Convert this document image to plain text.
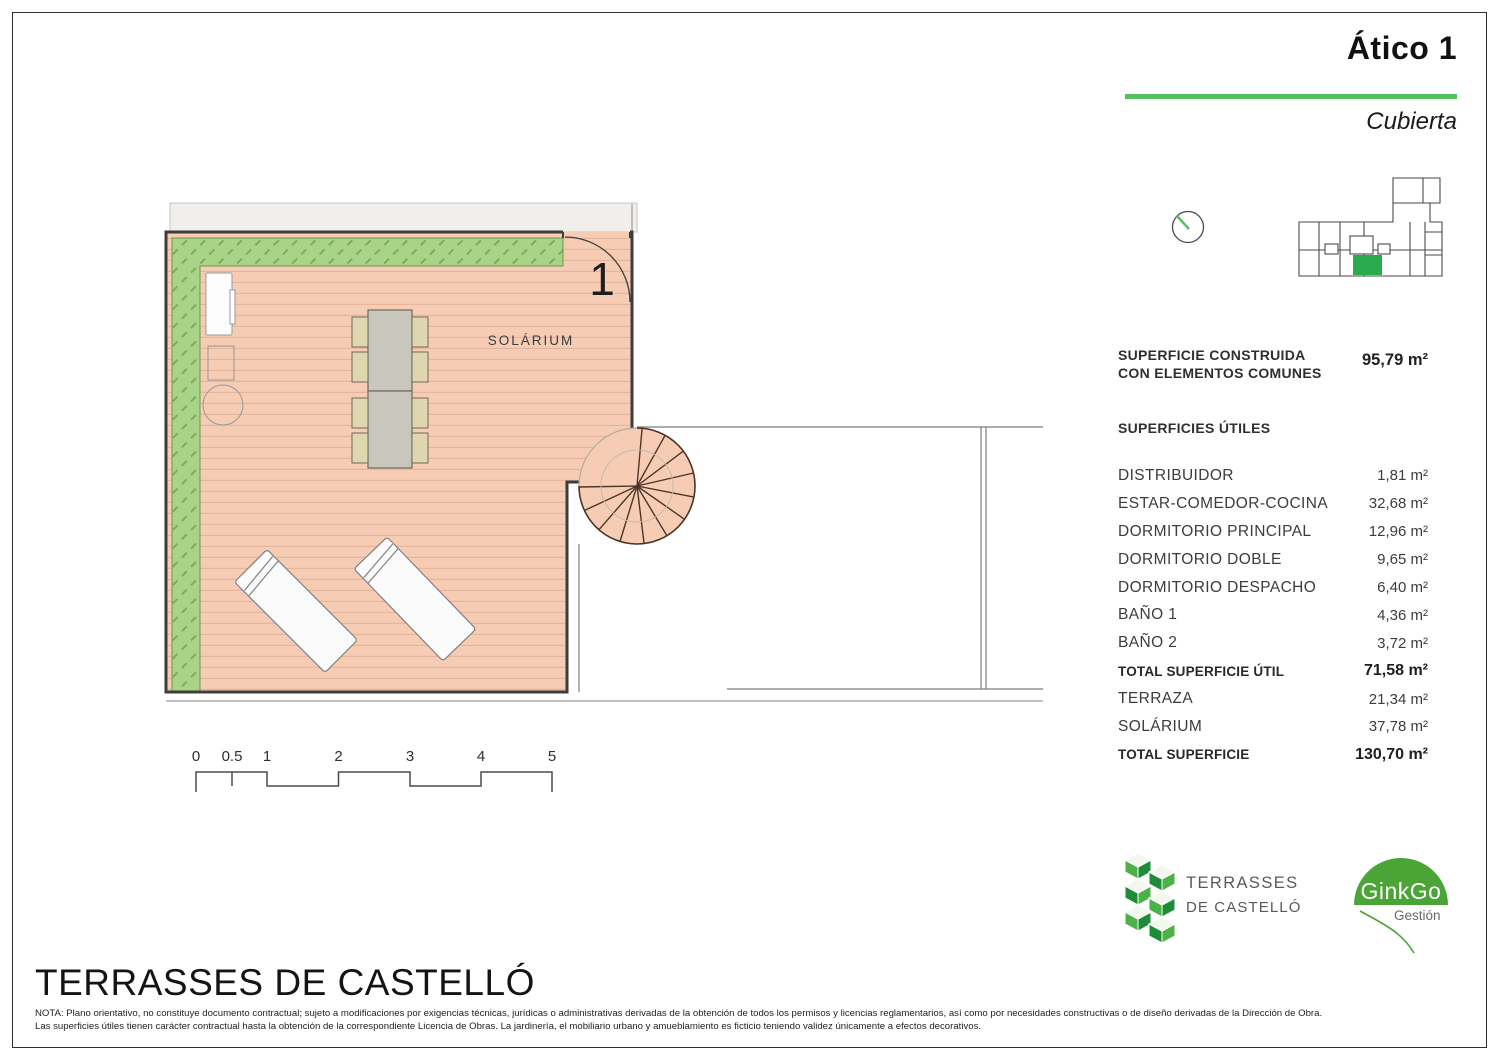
Ático 1
Cubierta
SUPERFICIE CONSTRUIDA CON ELEMENTOS COMUNES
95,79 m²
SUPERFICIES ÚTILES
DISTRIBUIDOR	1,81 m²
ESTAR-COMEDOR-COCINA	32,68 m²
DORMITORIO PRINCIPAL	12,96 m²
DORMITORIO DOBLE	9,65 m²
DORMITORIO DESPACHO	6,40 m²
BAÑO 1	4,36 m²
BAÑO 2	3,72 m²
TOTAL SUPERFICIE ÚTIL	71,58 m²
TERRAZA	21,34 m²
SOLÁRIUM	37,78 m²
TOTAL SUPERFICIE	130,70 m²
1
SOLÁRIUM
0 0.5 1	2	3	4	5
TERRASSES
DE CASTELLÓ
GinkGo
Gestión
TERRASSES DE CASTELLÓ
NOTA: Plano orientativo, no constituye documento contractual; sujeto a modificaciones por exigencias técnicas, jurídicas o administrativas derivadas de la obtención de todos los permisos y licencias reglamentarios, así como por necesidades constructivas o de diseño derivadas de la Dirección de Obra.
Las superficies útiles tienen carácter contractual hasta la obtención de la correspondiente Licencia de Obras. La jardinería, el mobiliario urbano y amueblamiento es ficticio teniendo validez únicamente a efectos decorativos.
